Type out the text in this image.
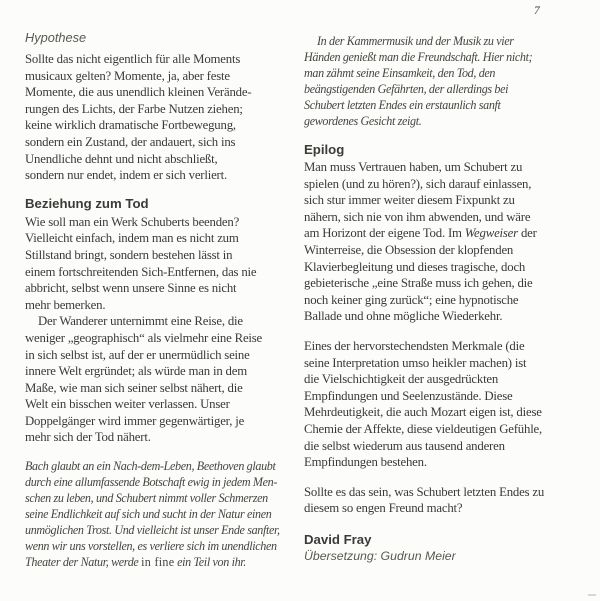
7
Hypothese
Sollte das nicht eigentlich für alle Moments
musicaux gelten? Momente, ja, aber feste
Momente, die aus unendlich kleinen Verände-
rungen des Lichts, der Farbe Nutzen ziehen;
keine wirklich dramatische Fortbewegung,
sondern ein Zustand, der andauert, sich ins
Unendliche dehnt und nicht abschließt,
sondern nur endet, indem er sich verliert.
Beziehung zum Tod
Wie soll man ein Werk Schuberts beenden?
Vielleicht einfach, indem man es nicht zum
Stillstand bringt, sondern bestehen lässt in
einem fortschreitenden Sich-Entfernen, das nie
abbricht, selbst wenn unsere Sinne es nicht
mehr bemerken.
Der Wanderer unternimmt eine Reise, die
weniger „geographisch“ als vielmehr eine Reise
in sich selbst ist, auf der er unermüdlich seine
innere Welt ergründet; als würde man in dem
Maße, wie man sich seiner selbst nähert, die
Welt ein bisschen weiter verlassen. Unser
Doppelgänger wird immer gegenwärtiger, je
mehr sich der Tod nähert.
Bach glaubt an ein Nach-dem-Leben, Beethoven glaubt
durch eine allumfassende Botschaft ewig in jedem Men-
schen zu leben, und Schubert nimmt voller Schmerzen
seine Endlichkeit auf sich und sucht in der Natur einen
unmöglichen Trost. Und vielleicht ist unser Ende sanfter,
wenn wir uns vorstellen, es verliere sich im unendlichen
Theater der Natur, werde in fine ein Teil von ihr.
In der Kammermusik und der Musik zu vier
Händen genießt man die Freundschaft. Hier nicht;
man zähmt seine Einsamkeit, den Tod, den
beängstigenden Gefährten, der allerdings bei
Schubert letzten Endes ein erstaunlich sanft
gewordenes Gesicht zeigt.
Epilog
Man muss Vertrauen haben, um Schubert zu
spielen (und zu hören?), sich darauf einlassen,
sich stur immer weiter diesem Fixpunkt zu
nähern, sich nie von ihm abwenden, und wäre
am Horizont der eigene Tod. Im Wegweiser der
Winterreise, die Obsession der klopfenden
Klavierbegleitung und dieses tragische, doch
gebieterische „eine Straße muss ich gehen, die
noch keiner ging zurück“; eine hypnotische
Ballade und ohne mögliche Wiederkehr.
Eines der hervorstechendsten Merkmale (die
seine Interpretation umso heikler machen) ist
die Vielschichtigkeit der ausgedrückten
Empfindungen und Seelenzustände. Diese
Mehrdeutigkeit, die auch Mozart eigen ist, diese
Chemie der Affekte, diese vieldeutigen Gefühle,
die selbst wiederum aus tausend anderen
Empfindungen bestehen.
Sollte es das sein, was Schubert letzten Endes zu
diesem so engen Freund macht?
David Fray
Übersetzung: Gudrun Meier
